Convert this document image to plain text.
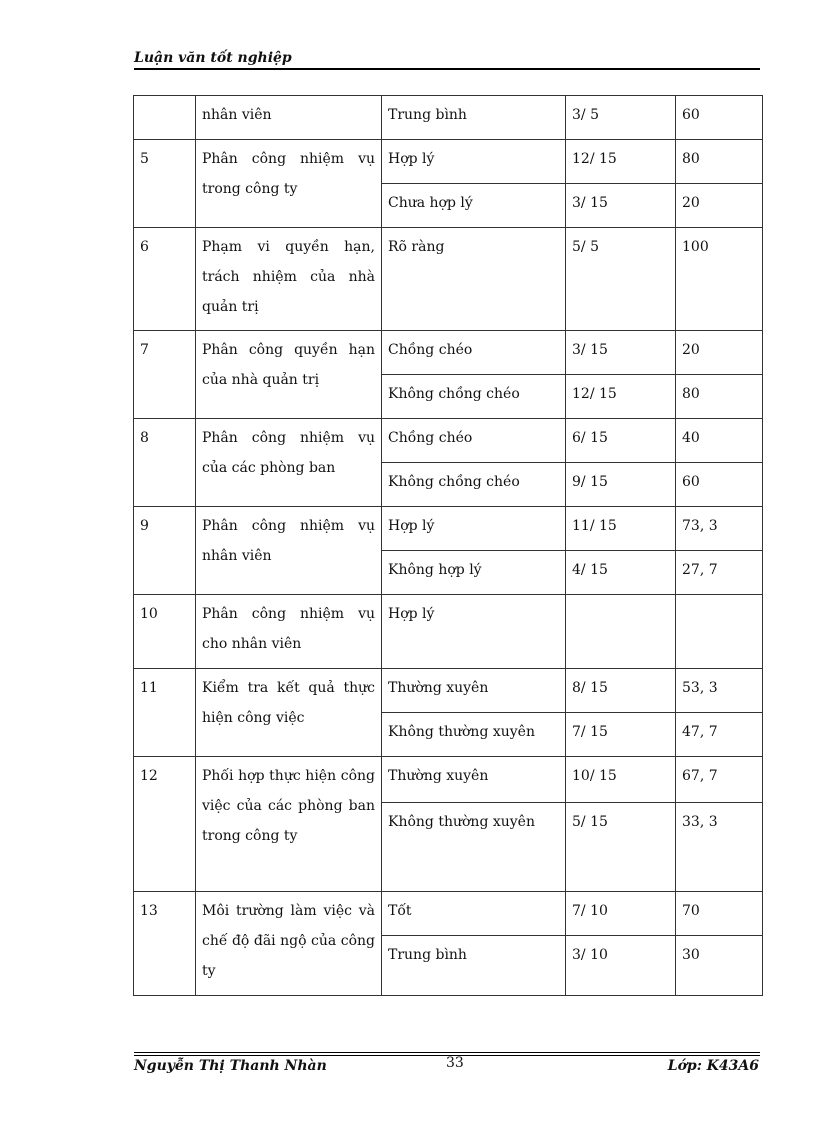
Luận văn tốt nghiệp
	nhân viên	Trung bình	3/ 5	60
5	Phân công nhiệm vụ trong công ty	Hợp lý	12/ 15	80
		Chưa hợp lý	3/ 15	20
6	Phạm vi quyền hạn, trách nhiệm của nhà quản trị	Rõ ràng	5/ 5	100
7	Phân công quyền hạn của nhà quản trị	Chồng chéo	3/ 15	20
		Không chồng chéo	12/ 15	80
8	Phân công nhiệm vụ của các phòng ban	Chồng chéo	6/ 15	40
		Không chồng chéo	9/ 15	60
9	Phân công nhiệm vụ nhân viên	Hợp lý	11/ 15	73, 3
		Không hợp lý	4/ 15	27, 7
10	Phân công nhiệm vụ cho nhân viên	Hợp lý		
11	Kiểm tra kết quả thực hiện công việc	Thường xuyên	8/ 15	53, 3
		Không thường xuyên	7/ 15	47, 7
12	Phối hợp thực hiện công việc của các phòng ban trong công ty	Thường xuyên	10/ 15	67, 7
		Không thường xuyên	5/ 15	33, 3
13	Môi trường làm việc và chế độ đãi ngộ của công ty	Tốt	7/ 10	70
		Trung bình	3/ 10	30
Nguyễn Thị Thanh Nhàn	33	Lớp: K43A6
